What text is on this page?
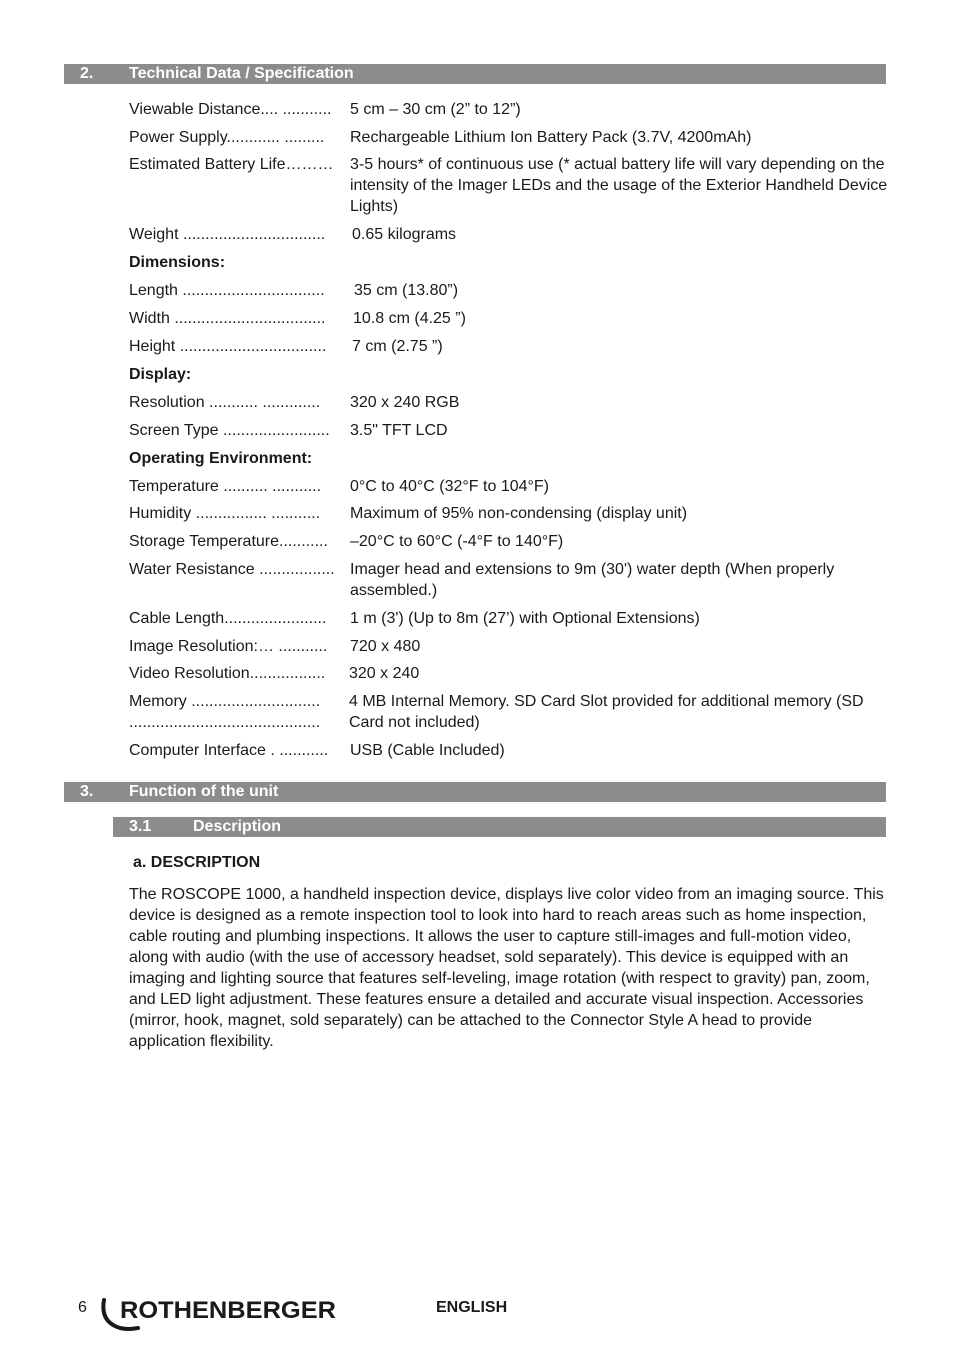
2. Technical Data / Specification
Viewable Distance.... ........... 5 cm – 30 cm (2” to 12”)
Power Supply............ ......... Rechargeable Lithium Ion Battery Pack (3.7V, 4200mAh)
Estimated Battery Life……… 3-5 hours* of continuous use (* actual battery life will vary depending on the intensity of the Imager LEDs and the usage of the Exterior Handheld Device Lights)
Weight ................................ 0.65 kilograms
Dimensions:
Length ................................ 35 cm (13.80”)
Width .................................. 10.8 cm (4.25 ”)
Height ................................. 7 cm (2.75 ”)
Display:
Resolution ........... ............. 320 x 240 RGB
Screen Type ........................ 3.5" TFT LCD
Operating Environment:
Temperature .......... ........... 0°C to 40°C (32°F to 104°F)
Humidity ................ ........... Maximum of 95% non-condensing (display unit)
Storage Temperature........... –20°C to 60°C (-4°F to 140°F)
Water Resistance ................. Imager head and extensions to 9m (30') water depth (When properly assembled.)
Cable Length....................... 1 m (3') (Up to 8m (27’) with Optional Extensions)
Image Resolution:… ........... 720 x 480
Video Resolution................. 320 x 240
Memory .............................
...........................................
4 MB Internal Memory. SD Card Slot provided for additional memory (SD Card not included)
Computer Interface . ........... USB (Cable Included)
3. Function of the unit
3.1	Description
a. DESCRIPTION
The ROSCOPE 1000, a handheld inspection device, displays live color video from an imaging source. This device is designed as a remote inspection tool to look into hard to reach areas such as home inspection, cable routing and plumbing inspections. It allows the user to capture still-images and full-motion video, along with audio (with the use of accessory headset, sold separately). This device is equipped with an imaging and lighting source that features self-leveling, image rotation (with respect to gravity) pan, zoom, and LED light adjustment. These features ensure a detailed and accurate visual inspection. Accessories (mirror, hook, magnet, sold separately) can be attached to the Connector Style A head to provide application flexibility.
6 ROTHENBERGER	ENGLISH
